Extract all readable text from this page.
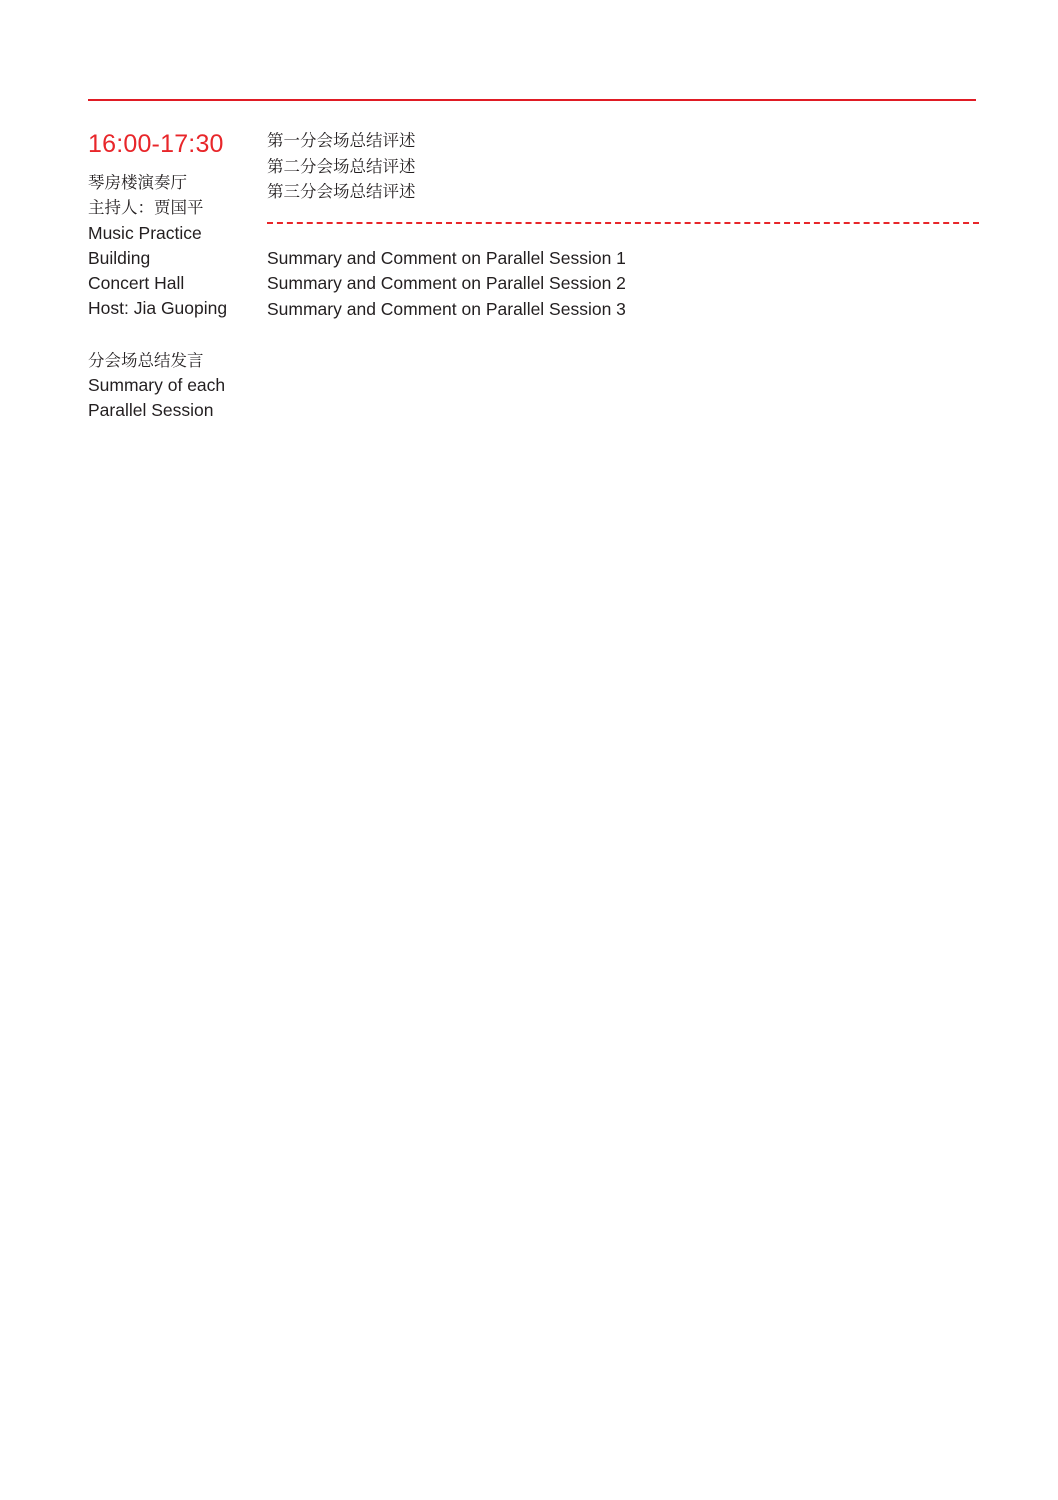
16:00-17:30
琴房楼演奏厅
主持人：贾国平
Music Practice
Building
Concert Hall
Host: Jia Guoping
分会场总结发言
Summary of each
Parallel Session
第一分会场总结评述
第二分会场总结评述
第三分会场总结评述
Summary and Comment on Parallel Session 1
Summary and Comment on Parallel Session 2
Summary and Comment on Parallel Session 3
